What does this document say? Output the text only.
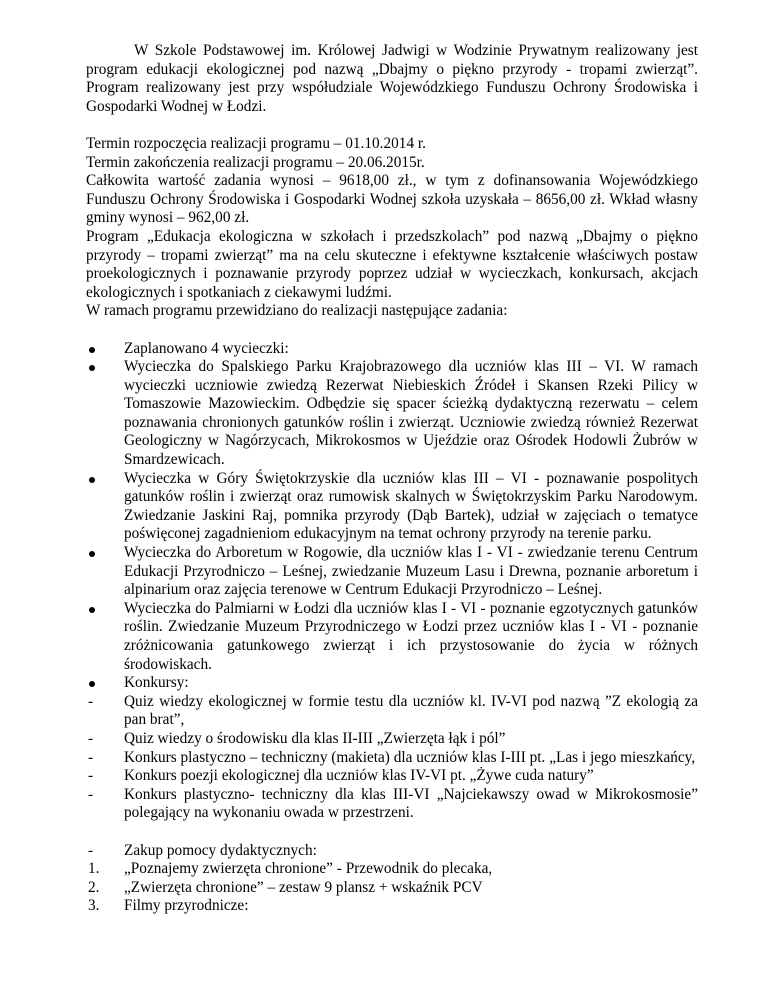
W Szkole Podstawowej im. Królowej Jadwigi w Wodzinie Prywatnym realizowany jest program edukacji ekologicznej pod nazwą „Dbajmy o piękno przyrody - tropami zwierząt”. Program realizowany jest przy współudziale Wojewódzkiego Funduszu Ochrony Środowiska i Gospodarki Wodnej w Łodzi.

Termin rozpoczęcia realizacji programu – 01.10.2014 r.

Termin zakończenia realizacji programu – 20.06.2015r.

Całkowita wartość zadania wynosi – 9618,00 zł., w tym z dofinansowania Wojewódzkiego Funduszu Ochrony Środowiska i Gospodarki Wodnej szkoła uzyskała – 8656,00 zł. Wkład własny gminy wynosi – 962,00 zł.

Program „Edukacja ekologiczna w szkołach i przedszkolach” pod nazwą „Dbajmy o piękno przyrody – tropami zwierząt” ma na celu skuteczne i efektywne kształcenie właściwych postaw proekologicznych i poznawanie przyrody poprzez udział w wycieczkach, konkursach, akcjach ekologicznych i spotkaniach z ciekawymi ludźmi.

W ramach programu przewidziano do realizacji następujące zadania:

Zaplanowano 4 wycieczki:
Wycieczka do Spalskiego Parku Krajobrazowego dla uczniów klas III – VI. W ramach wycieczki uczniowie zwiedzą Rezerwat Niebieskich Źródeł i Skansen Rzeki Pilicy w Tomaszowie Mazowieckim. Odbędzie się spacer ścieżką dydaktyczną rezerwatu – celem poznawania chronionych gatunków roślin i zwierząt. Uczniowie zwiedzą również Rezerwat Geologiczny w Nagórzycach, Mikrokosmos w Ujeździe oraz Ośrodek Hodowli Żubrów w Smardzewicach.
Wycieczka w Góry Świętokrzyskie dla uczniów klas III – VI - poznawanie pospolitych gatunków roślin i zwierząt oraz rumowisk skalnych w Świętokrzyskim Parku Narodowym. Zwiedzanie Jaskini Raj, pomnika przyrody (Dąb Bartek), udział w zajęciach o tematyce poświęconej zagadnieniom edukacyjnym na temat ochrony przyrody na terenie parku.
Wycieczka do Arboretum w Rogowie, dla uczniów klas I - VI - zwiedzanie terenu Centrum Edukacji Przyrodniczo – Leśnej, zwiedzanie Muzeum Lasu i Drewna, poznanie arboretum i alpinarium oraz zajęcia terenowe w Centrum Edukacji Przyrodniczo – Leśnej.
Wycieczka do Palmiarni w Łodzi dla uczniów klas I - VI - poznanie egzotycznych gatunków roślin. Zwiedzanie Muzeum Przyrodniczego w Łodzi przez uczniów klas I - VI - poznanie zróżnicowania gatunkowego zwierząt i ich przystosowanie do życia w różnych środowiskach.
Konkursy:
-	Quiz wiedzy ekologicznej w formie testu dla uczniów kl. IV-VI pod nazwą ”Z ekologią za pan brat”,
-	Quiz wiedzy o środowisku dla klas II-III „Zwierzęta łąk i pól”
-	Konkurs plastyczno – techniczny (makieta) dla uczniów klas I-III pt. „Las i jego mieszkańcy,
-	Konkurs poezji ekologicznej dla uczniów klas IV-VI pt. „Żywe cuda natury”
-	Konkurs plastyczno- techniczny dla klas III-VI „Najciekawszy owad w Mikrokosmosie” polegający na wykonaniu owada w przestrzeni.
-	Zakup pomocy dydaktycznych:
1.	„Poznajemy zwierzęta chronione” - Przewodnik do plecaka,
2.	„Zwierzęta chronione” – zestaw 9 plansz + wskaźnik PCV
3.	Filmy przyrodnicze:
